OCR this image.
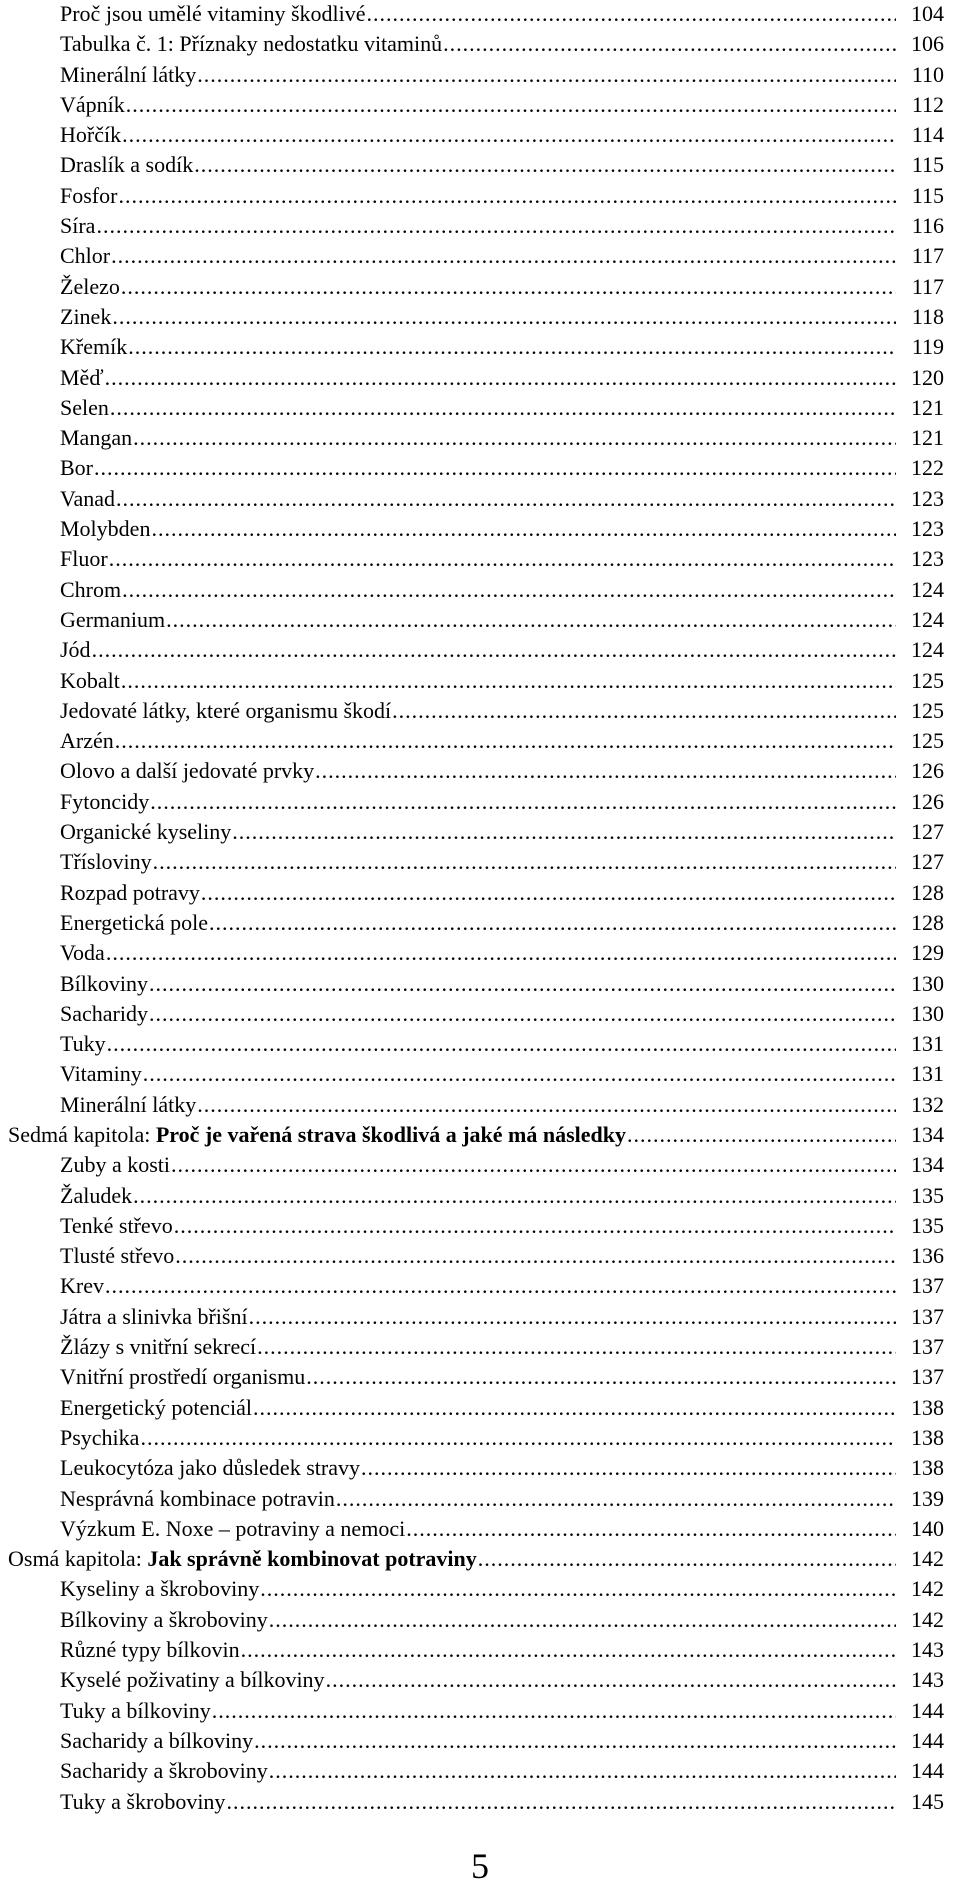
Proč jsou umělé vitaminy škodlivé .....	104
Tabulka č. 1: Příznaky nedostatku vitaminů .....	106
Minerální látky .....	110
Vápník .....	112
Hořčík .....	114
Draslík a sodík .....	115
Fosfor .....	115
Síra .....	116
Chlor .....	117
Železo .....	117
Zinek .....	118
Křemík .....	119
Měď .....	120
Selen .....	121
Mangan .....	121
Bor .....	122
Vanad .....	123
Molybden .....	123
Fluor .....	123
Chrom .....	124
Germanium .....	124
Jód .....	124
Kobalt .....	125
Jedovaté látky, které organismu škodí .....	125
Arzén .....	125
Olovo a další jedovaté prvky .....	126
Fytoncidy .....	126
Organické kyseliny .....	127
Třísloviny .....	127
Rozpad potravy .....	128
Energetická pole .....	128
Voda .....	129
Bílkoviny .....	130
Sacharidy .....	130
Tuky .....	131
Vitaminy .....	131
Minerální látky .....	132
Sedmá kapitola: Proč je vařená strava škodlivá a jaké má následky .....	134
Zuby a kosti .....	134
Žaludek .....	135
Tenké střevo .....	135
Tlusté střevo .....	136
Krev .....	137
Játra a slinivka břišní .....	137
Žlázy s vnitřní sekrecí .....	137
Vnitřní prostředí organismu .....	137
Energetický potenciál .....	138
Psychika .....	138
Leukocytóza jako důsledek stravy .....	138
Nesprávná kombinace potravin .....	139
Výzkum E. Noxe – potraviny a nemoci .....	140
Osmá kapitola: Jak správně kombinovat potraviny .....	142
Kyseliny a škroboviny .....	142
Bílkoviny a škroboviny .....	142
Různé typy bílkovin .....	143
Kyselé poživatiny a bílkoviny .....	143
Tuky a bílkoviny .....	144
Sacharidy a bílkoviny .....	144
Sacharidy a škroboviny .....	144
Tuky a škroboviny .....	145
5
